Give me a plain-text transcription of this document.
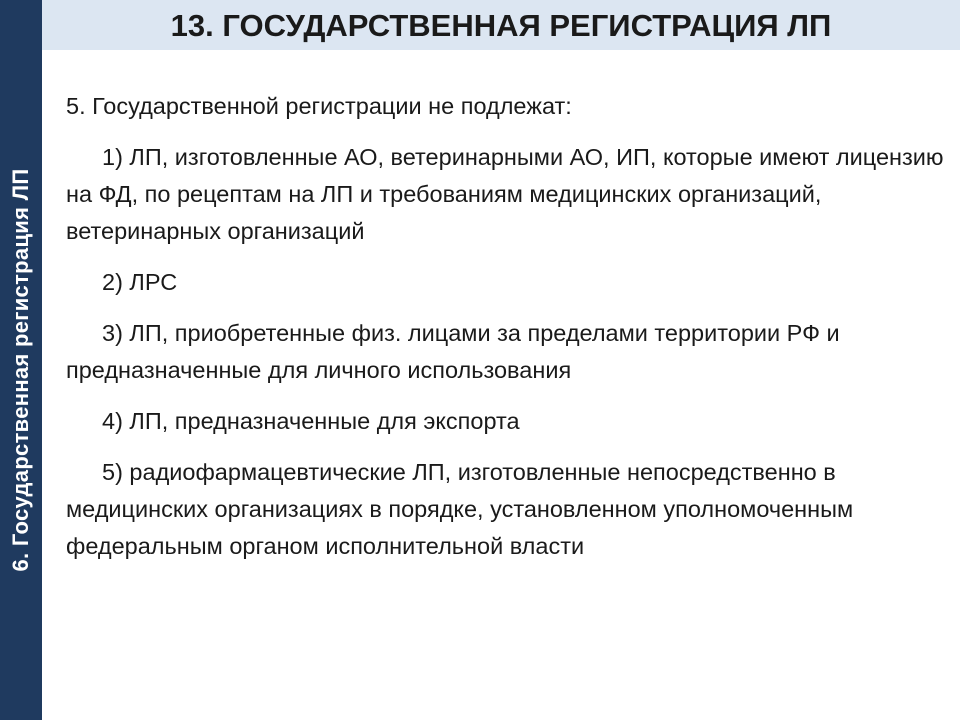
6. Государственная регистрация ЛП
13. ГОСУДАРСТВЕННАЯ РЕГИСТРАЦИЯ ЛП

5. Государственной регистрации не подлежат:

1) ЛП, изготовленные АО, ветеринарными АО, ИП, которые имеют лицензию на ФД, по рецептам на ЛП и требованиям медицинских организаций, ветеринарных организаций

2) ЛРС

3) ЛП, приобретенные физ. лицами за пределами территории РФ и предназначенные для личного использования

4) ЛП, предназначенные для экспорта

5) радиофармацевтические ЛП, изготовленные непосредственно в медицинских организациях в порядке, установленном уполномоченным федеральным органом исполнительной власти
